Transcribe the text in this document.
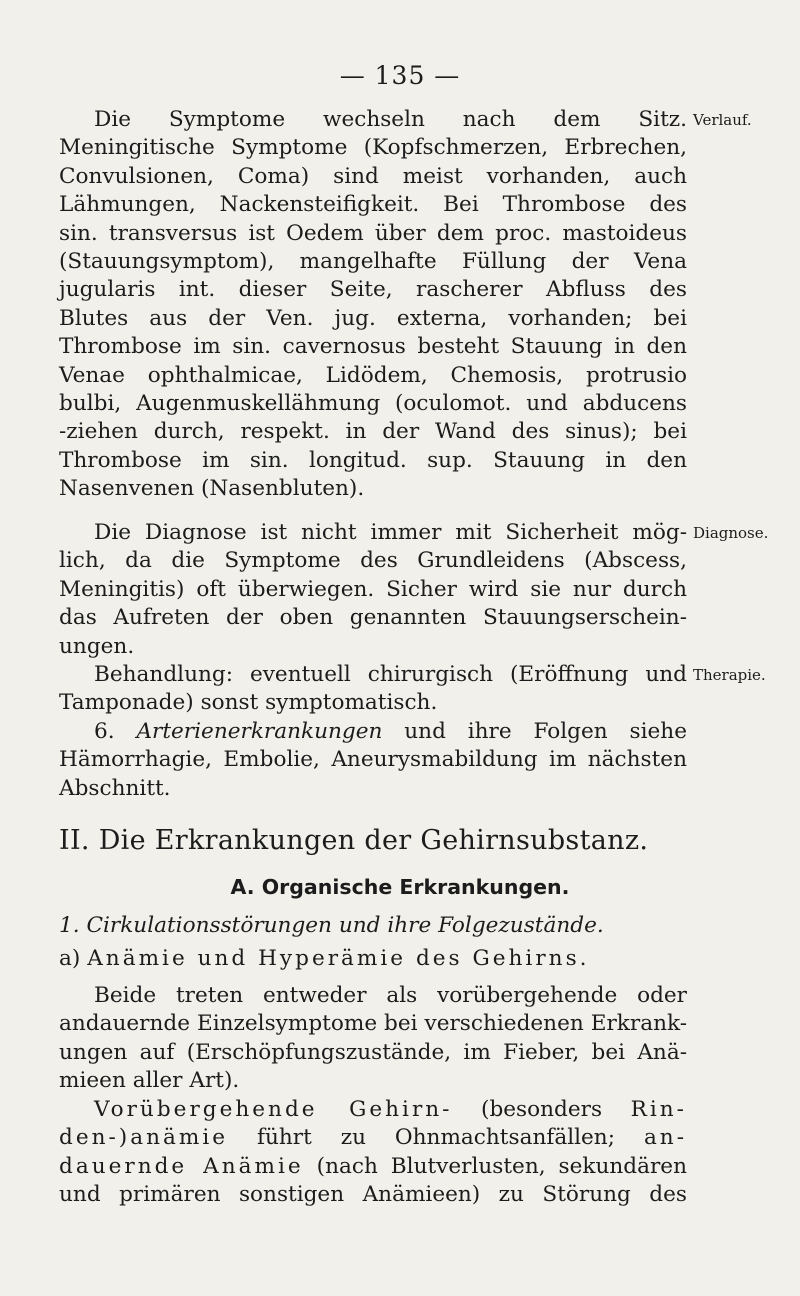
— 135 —
Verlauf.
Diagnose.
Therapie.
Die Symptome wechseln nach dem Sitz.
Meningitische Symptome (Kopfschmerzen, Erbrechen,
Convulsionen, Coma) sind meist vorhanden, auch
Lähmungen, Nackensteifigkeit. Bei Thrombose des
sin. transversus ist Oedem über dem proc. mastoideus
(Stauungsymptom), mangelhafte Füllung der Vena
jugularis int. dieser Seite, rascherer Abfluss des
Blutes aus der Ven. jug. externa, vorhanden; bei
Thrombose im sin. cavernosus besteht Stauung in den
Venae ophthalmicae, Lidödem, Chemosis, protrusio
bulbi, Augenmuskellähmung (oculomot. und abducens
-ziehen durch, respekt. in der Wand des sinus); bei
Thrombose im sin. longitud. sup. Stauung in den
Nasenvenen (Nasenbluten).
Die Diagnose ist nicht immer mit Sicherheit mög-
lich, da die Symptome des Grundleidens (Abscess,
Meningitis) oft überwiegen. Sicher wird sie nur durch
das Aufreten der oben genannten Stauungserschein-
ungen.
Behandlung: eventuell chirurgisch (Eröffnung und
Tamponade) sonst symptomatisch.
6. Arterienerkrankungen und ihre Folgen siehe
Hämorrhagie, Embolie, Aneurysmabildung im nächsten
Abschnitt.
II. Die Erkrankungen der Gehirnsubstanz.
A. Organische Erkrankungen.
1. Cirkulationsstörungen und ihre Folgezustände.
a) Anämie und Hyperämie des Gehirns.
Beide treten entweder als vorübergehende oder
andauernde Einzelsymptome bei verschiedenen Erkrank-
ungen auf (Erschöpfungszustände, im Fieber, bei Anä-
mieen aller Art).
Vorübergehende Gehirn- (besonders Rin-
den-)anämie führt zu Ohnmachtsanfällen; an-
dauernde Anämie (nach Blutverlusten, sekundären
und primären sonstigen Anämieen) zu Störung des
